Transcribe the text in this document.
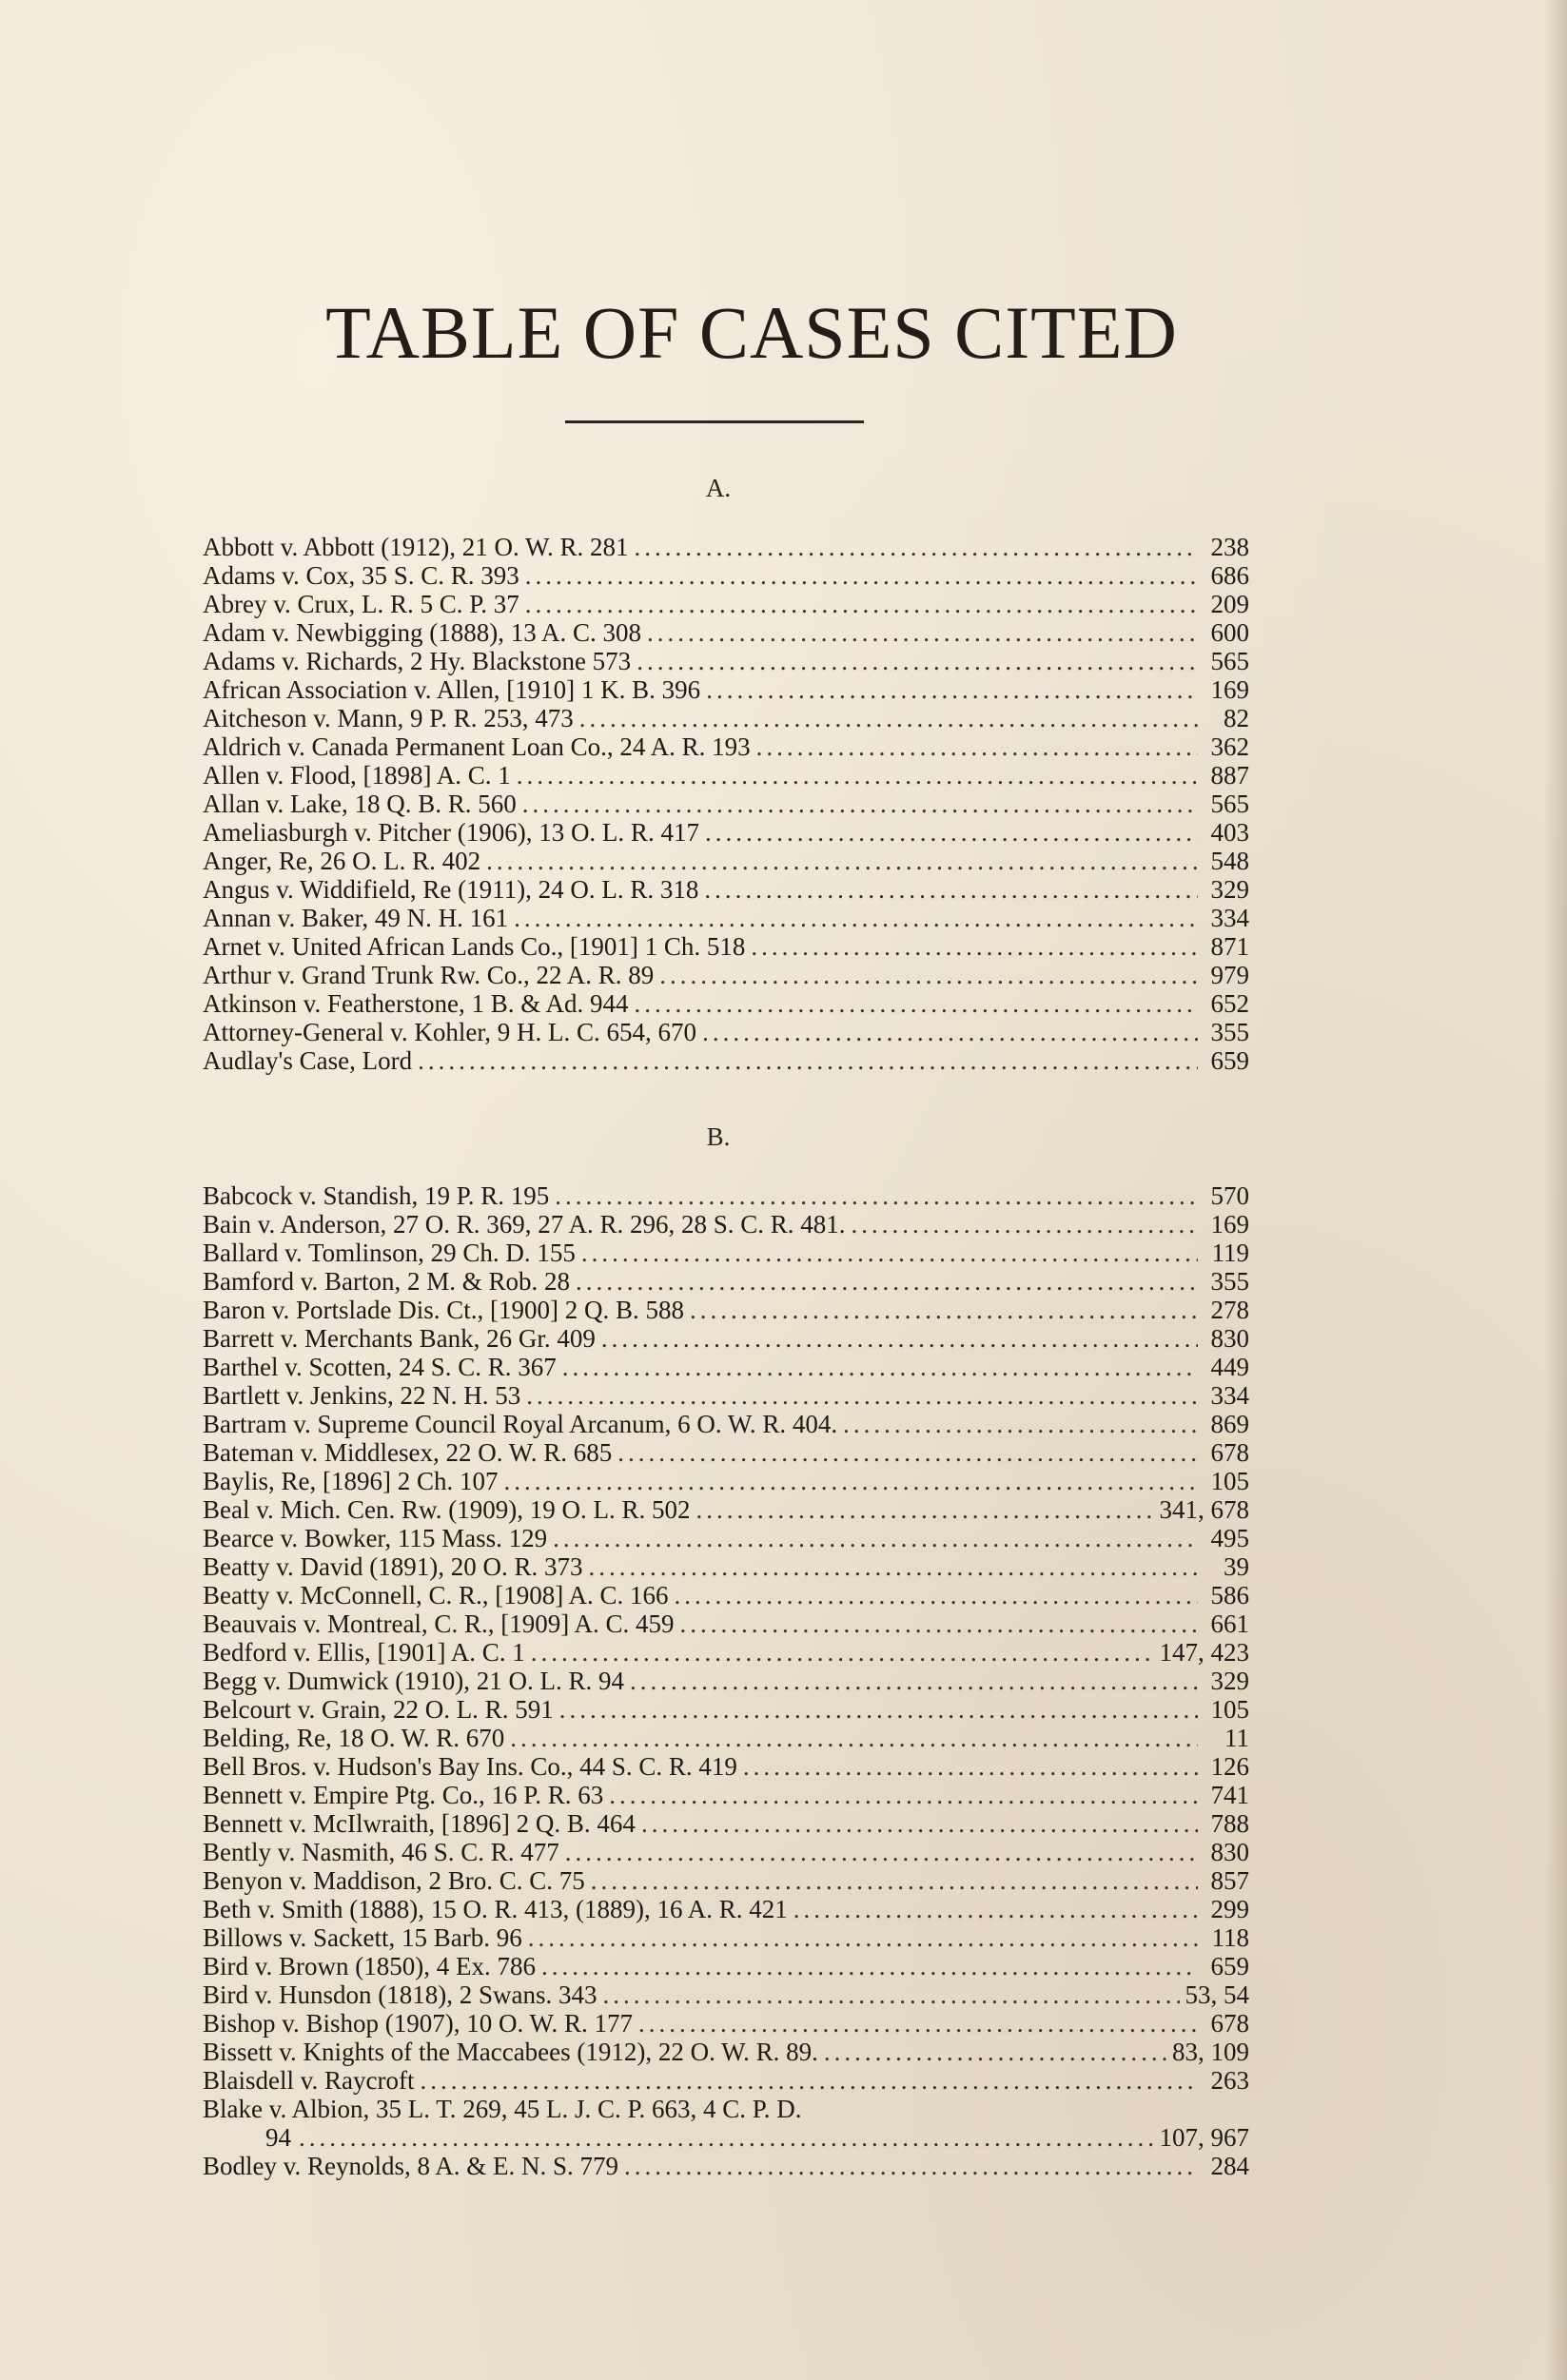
TABLE OF CASES CITED
A.
Abbott v. Abbott (1912), 21 O. W. R. 281 .....	238
Adams v. Cox, 35 S. C. R. 393 .....	686
Abrey v. Crux, L. R. 5 C. P. 37 .....	209
Adam v. Newbigging (1888), 13 A. C. 308 .....	600
Adams v. Richards, 2 Hy. Blackstone 573 .....	565
African Association v. Allen, [1910] 1 K. B. 396 .....	169
Aitcheson v. Mann, 9 P. R. 253, 473 .....	82
Aldrich v. Canada Permanent Loan Co., 24 A. R. 193 .....	362
Allen v. Flood, [1898] A. C. 1 .....	887
Allan v. Lake, 18 Q. B. R. 560 .....	565
Ameliasburgh v. Pitcher (1906), 13 O. L. R. 417 .....	403
Anger, Re, 26 O. L. R. 402 .....	548
Angus v. Widdifield, Re (1911), 24 O. L. R. 318 .....	329
Annan v. Baker, 49 N. H. 161 .....	334
Arnet v. United African Lands Co., [1901] 1 Ch. 518 .....	871
Arthur v. Grand Trunk Rw. Co., 22 A. R. 89 .....	979
Atkinson v. Featherstone, 1 B. & Ad. 944 .....	652
Attorney-General v. Kohler, 9 H. L. C. 654, 670 .....	355
Audlay's Case, Lord .....	659
B.
Babcock v. Standish, 19 P. R. 195 .....	570
Bain v. Anderson, 27 O. R. 369, 27 A. R. 296, 28 S. C. R. 481. .....	169
Ballard v. Tomlinson, 29 Ch. D. 155 .....	119
Bamford v. Barton, 2 M. & Rob. 28 .....	355
Baron v. Portslade Dis. Ct., [1900] 2 Q. B. 588 .....	278
Barrett v. Merchants Bank, 26 Gr. 409 .....	830
Barthel v. Scotten, 24 S. C. R. 367 .....	449
Bartlett v. Jenkins, 22 N. H. 53 .....	334
Bartram v. Supreme Council Royal Arcanum, 6 O. W. R. 404. .....	869
Bateman v. Middlesex, 22 O. W. R. 685 .....	678
Baylis, Re, [1896] 2 Ch. 107 .....	105
Beal v. Mich. Cen. Rw. (1909), 19 O. L. R. 502 .....	341, 678
Bearce v. Bowker, 115 Mass. 129 .....	495
Beatty v. David (1891), 20 O. R. 373 .....	39
Beatty v. McConnell, C. R., [1908] A. C. 166 .....	586
Beauvais v. Montreal, C. R., [1909] A. C. 459 .....	661
Bedford v. Ellis, [1901] A. C. 1 .....	147, 423
Begg v. Dumwick (1910), 21 O. L. R. 94 .....	329
Belcourt v. Grain, 22 O. L. R. 591 .....	105
Belding, Re, 18 O. W. R. 670 .....	11
Bell Bros. v. Hudson's Bay Ins. Co., 44 S. C. R. 419 .....	126
Bennett v. Empire Ptg. Co., 16 P. R. 63 .....	741
Bennett v. McIlwraith, [1896] 2 Q. B. 464 .....	788
Bently v. Nasmith, 46 S. C. R. 477 .....	830
Benyon v. Maddison, 2 Bro. C. C. 75 .....	857
Beth v. Smith (1888), 15 O. R. 413, (1889), 16 A. R. 421 .....	299
Billows v. Sackett, 15 Barb. 96 .....	118
Bird v. Brown (1850), 4 Ex. 786 .....	659
Bird v. Hunsdon (1818), 2 Swans. 343 .....	53, 54
Bishop v. Bishop (1907), 10 O. W. R. 177 .....	678
Bissett v. Knights of the Maccabees (1912), 22 O. W. R. 89. .....	83, 109
Blaisdell v. Raycroft .....	263
Blake v. Albion, 35 L. T. 269, 45 L. J. C. P. 663, 4 C. P. D.
94 .....	107, 967
Bodley v. Reynolds, 8 A. & E. N. S. 779 .....	284
